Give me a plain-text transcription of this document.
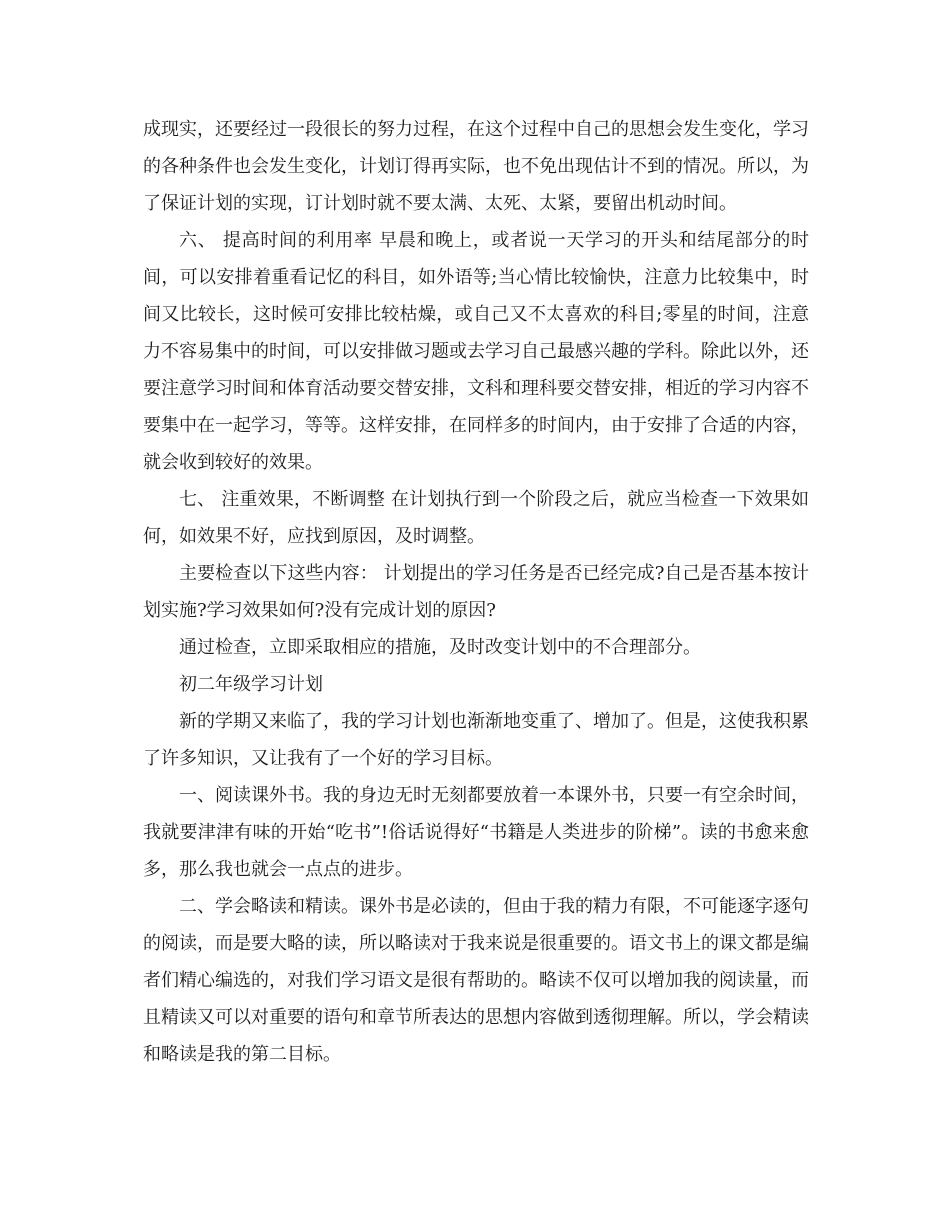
成现实，还要经过一段很长的努力过程，在这个过程中自己的思想会发生变化，学习的各种条件也会发生变化，计划订得再实际，也不免出现估计不到的情况。所以，为了保证计划的实现，订计划时就不要太满、太死、太紧，要留出机动时间。

六、 提高时间的利用率 早晨和晚上，或者说一天学习的开头和结尾部分的时间，可以安排着重看记忆的科目，如外语等;当心情比较愉快，注意力比较集中，时间又比较长，这时候可安排比较枯燥，或自己又不太喜欢的科目;零星的时间，注意力不容易集中的时间，可以安排做习题或去学习自己最感兴趣的学科。除此以外，还要注意学习时间和体育活动要交替安排，文科和理科要交替安排，相近的学习内容不要集中在一起学习，等等。这样安排，在同样多的时间内，由于安排了合适的内容，就会收到较好的效果。

七、 注重效果，不断调整 在计划执行到一个阶段之后，就应当检查一下效果如何，如效果不好，应找到原因，及时调整。

主要检查以下这些内容： 计划提出的学习任务是否已经完成?自己是否基本按计划实施?学习效果如何?没有完成计划的原因?

通过检查，立即采取相应的措施，及时改变计划中的不合理部分。

初二年级学习计划

新的学期又来临了，我的学习计划也渐渐地变重了、增加了。但是，这使我积累了许多知识，又让我有了一个好的学习目标。

一、阅读课外书。我的身边无时无刻都要放着一本课外书，只要一有空余时间，我就要津津有味的开始“吃书”!俗话说得好“书籍是人类进步的阶梯”。读的书愈来愈多，那么我也就会一点点的进步。

二、学会略读和精读。课外书是必读的，但由于我的精力有限，不可能逐字逐句的阅读，而是要大略的读，所以略读对于我来说是很重要的。语文书上的课文都是编者们精心编选的，对我们学习语文是很有帮助的。略读不仅可以增加我的阅读量，而且精读又可以对重要的语句和章节所表达的思想内容做到透彻理解。所以，学会精读和略读是我的第二目标。
